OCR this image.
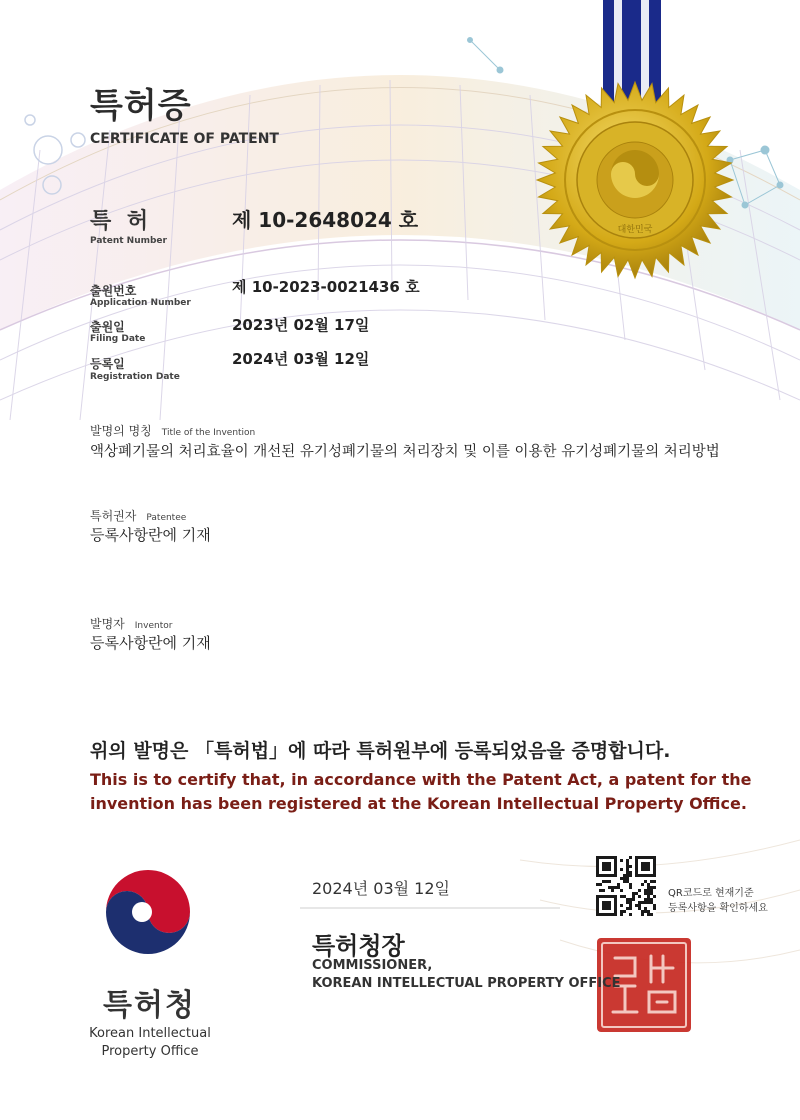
대한민국
특허증
CERTIFICATE OF PATENT
특 허
Patent Number
제 10-2648024 호
출원번호
Application Number
제 10-2023-0021436 호
출원일
Filing Date
2023년 02월 17일
등록일
Registration Date
2024년 03월 12일
발명의 명칭 Title of the Invention
액상폐기물의 처리효율이 개선된 유기성폐기물의 처리장치 및 이를 이용한 유기성폐기물의 처리방법
특허권자 Patentee
등록사항란에 기재
발명자 Inventor
등록사항란에 기재
위의 발명은 「특허법」에 따라 특허원부에 등록되었음을 증명합니다.
This is to certify that, in accordance with the Patent Act, a patent for the
invention has been registered at the Korean Intellectual Property Office.
2024년 03월 12일
특허청장
COMMISSIONER,
KOREAN INTELLECTUAL PROPERTY OFFICE
QR코드로 현재기준
등록사항을 확인하세요
특허청
Korean Intellectual
Property Office
